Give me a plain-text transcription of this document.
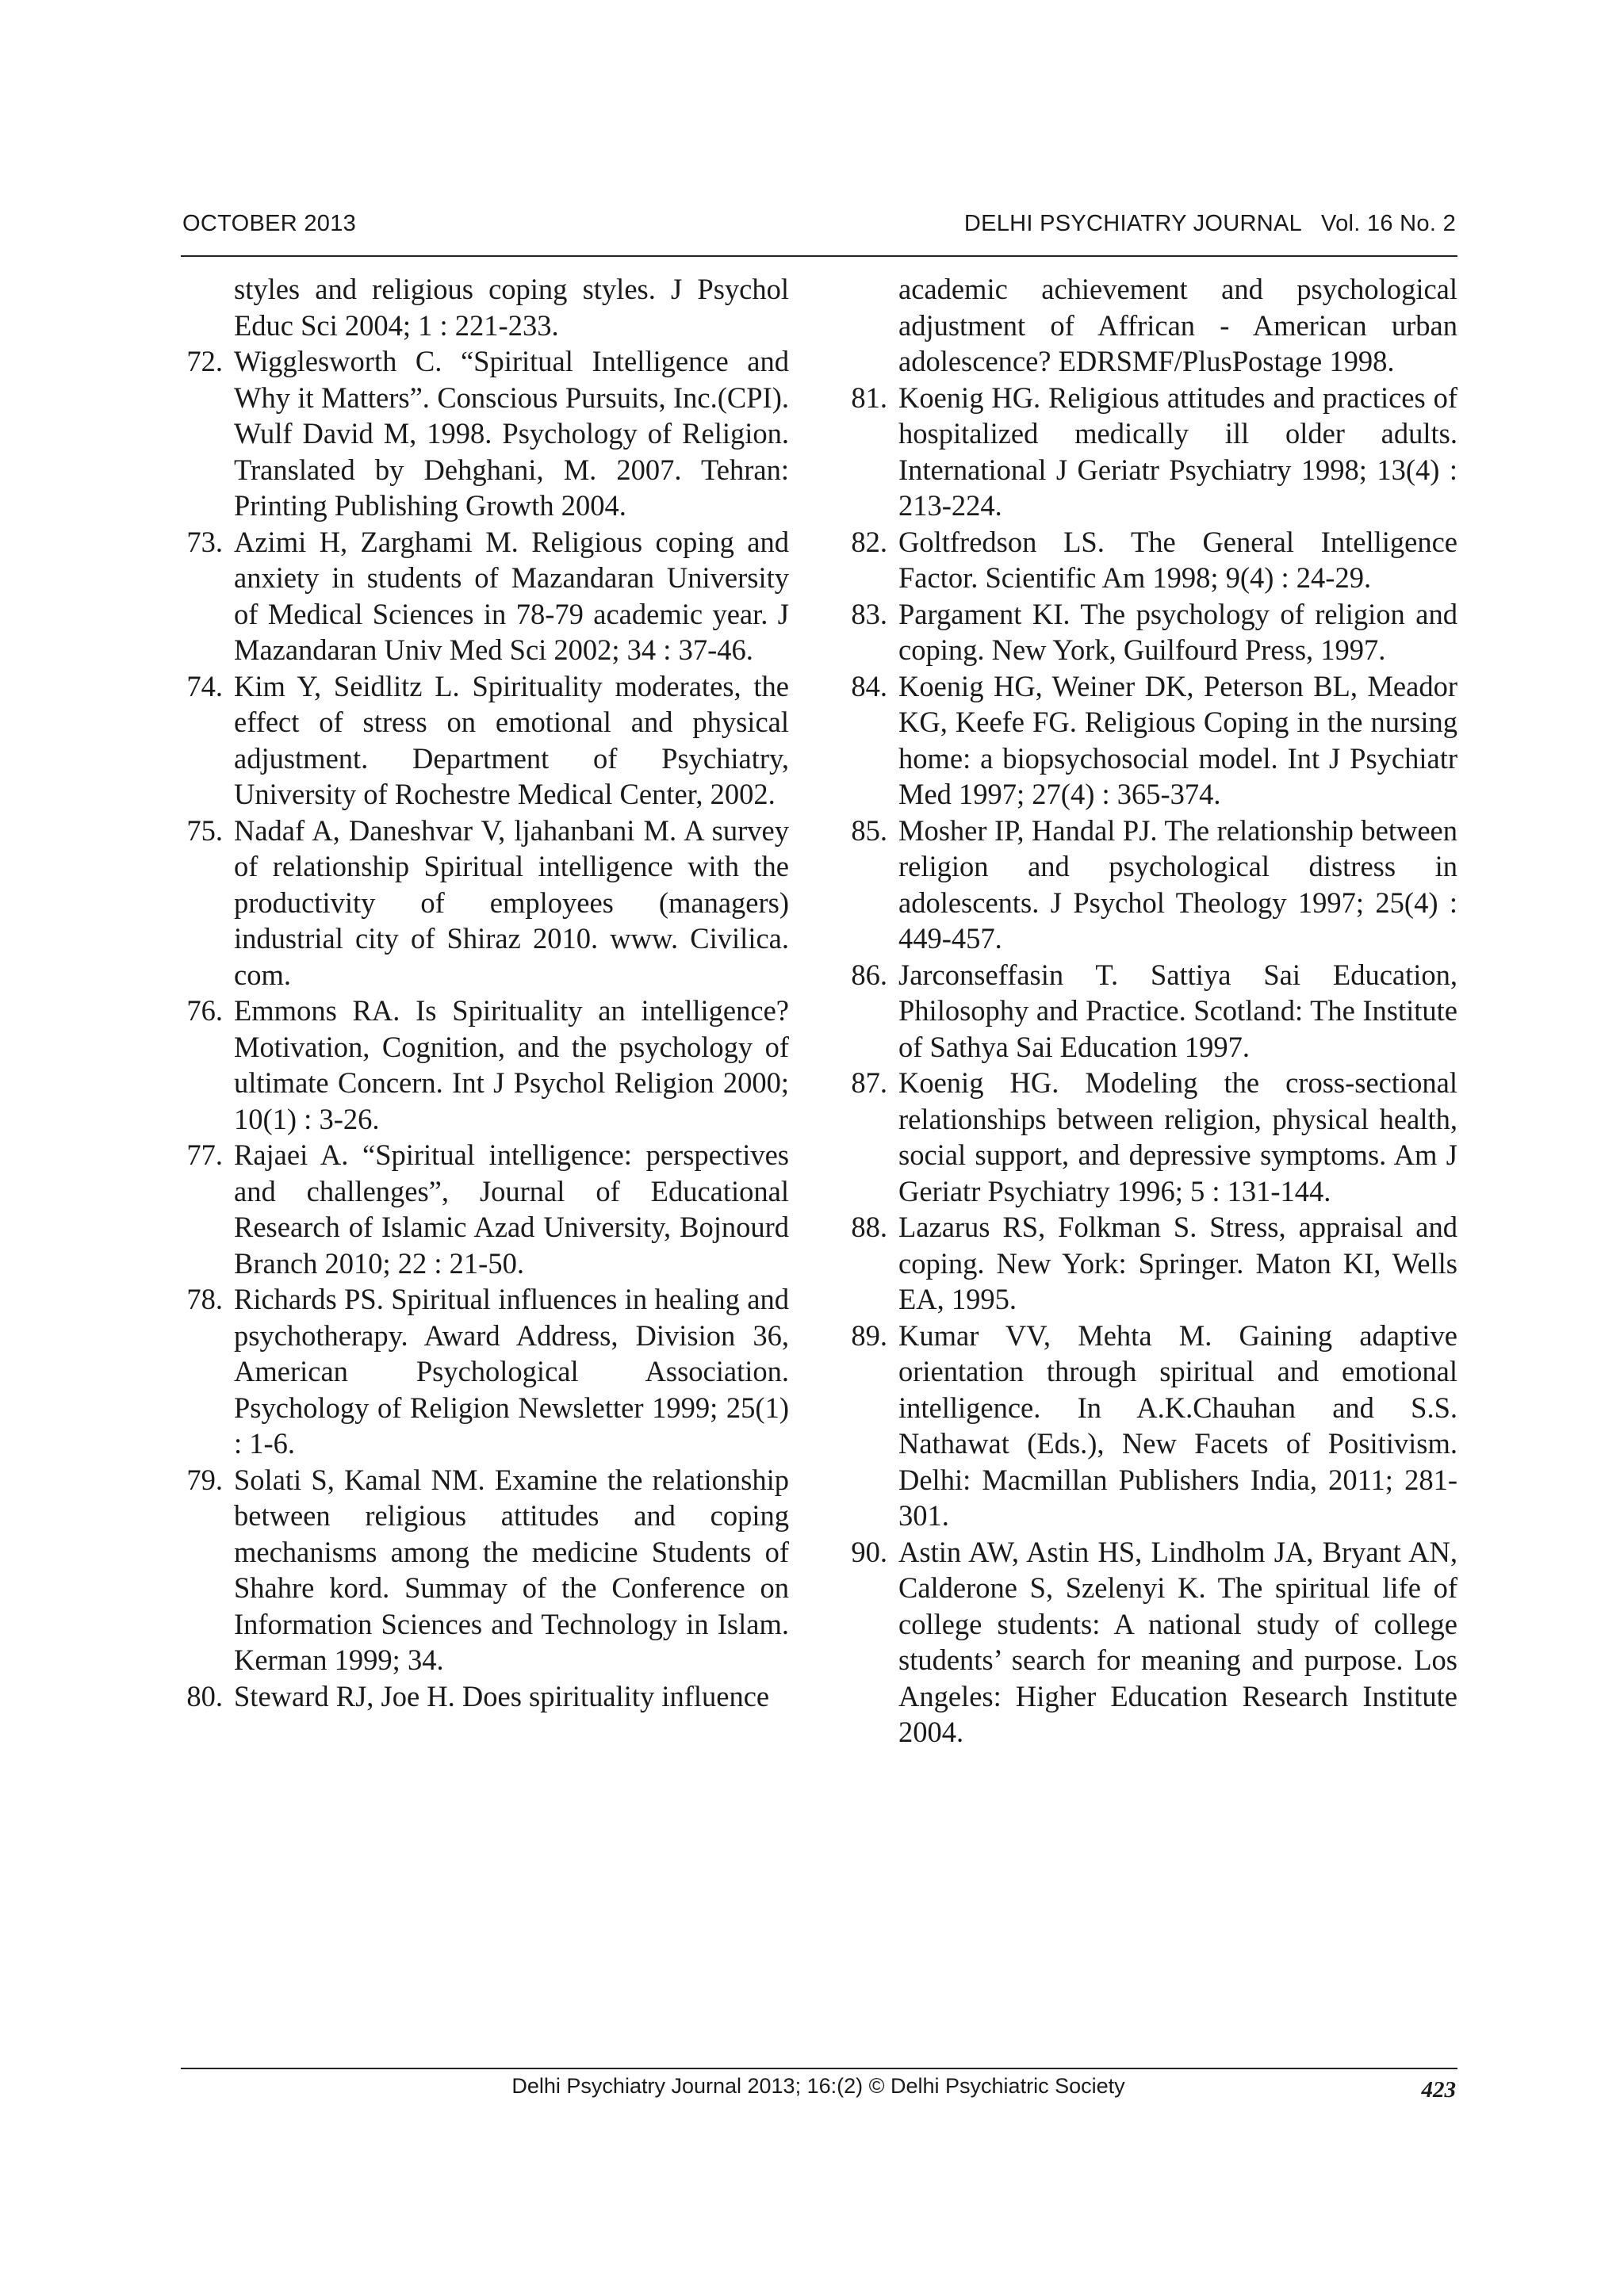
OCTOBER 2013	DELHI PSYCHIATRY JOURNAL   Vol. 16 No. 2
styles and religious coping styles. J Psychol Educ Sci 2004; 1 : 221-233.
72. Wigglesworth C. “Spiritual Intelligence and Why it Matters”. Conscious Pursuits, Inc.(CPI). Wulf David M, 1998. Psychology of Religion. Translated by Dehghani, M. 2007. Tehran: Printing Publishing Growth 2004.
73. Azimi H, Zarghami M. Religious coping and anxiety in students of Mazandaran University of Medical Sciences in 78-79 academic year. J Mazandaran Univ Med Sci 2002; 34 : 37-46.
74. Kim Y, Seidlitz L. Spirituality moderates, the effect of stress on emotional and physical adjustment. Department of Psychiatry, University of Rochestre Medical Center, 2002.
75. Nadaf A, Daneshvar V, ljahanbani M. A survey of relationship Spiritual intelligence with the productivity of employees (managers) industrial city of Shiraz 2010. www. Civilica. com.
76. Emmons RA. Is Spirituality an intelligence? Motivation, Cognition, and the psychology of ultimate Concern. Int J Psychol Religion 2000; 10(1) : 3-26.
77. Rajaei A. “Spiritual intelligence: perspectives and challenges”, Journal of Educational Research of Islamic Azad University, Bojnourd Branch 2010; 22 : 21-50.
78. Richards PS. Spiritual influences in healing and psychotherapy. Award Address, Division 36, American Psychological Association. Psychology of Religion Newsletter 1999; 25(1) : 1-6.
79. Solati S, Kamal NM. Examine the relationship between religious attitudes and coping mechanisms among the medicine Students of Shahre kord. Summay of the Conference on Information Sciences and Technology in Islam. Kerman 1999; 34.
80. Steward RJ, Joe H. Does spirituality influence
academic achievement and psychological adjustment of Affrican - American urban adolescence? EDRSMF/PlusPostage 1998.
81. Koenig HG. Religious attitudes and practices of hospitalized medically ill older adults. International J Geriatr Psychiatry 1998; 13(4) : 213-224.
82. Goltfredson LS. The General Intelligence Factor. Scientific Am 1998; 9(4) : 24-29.
83. Pargament KI. The psychology of religion and coping. New York, Guilfourd Press, 1997.
84. Koenig HG, Weiner DK, Peterson BL, Meador KG, Keefe FG. Religious Coping in the nursing home: a biopsychosocial model. Int J Psychiatr Med 1997; 27(4) : 365-374.
85. Mosher IP, Handal PJ. The relationship between religion and psychological distress in adolescents. J Psychol Theology 1997; 25(4) : 449-457.
86. Jarconseffasin T. Sattiya Sai Education, Philosophy and Practice. Scotland: The Institute of Sathya Sai Education 1997.
87. Koenig HG. Modeling the cross-sectional relationships between religion, physical health, social support, and depressive symptoms. Am J Geriatr Psychiatry 1996; 5 : 131-144.
88. Lazarus RS, Folkman S. Stress, appraisal and coping. New York: Springer. Maton KI, Wells EA, 1995.
89. Kumar VV, Mehta M. Gaining adaptive orientation through spiritual and emotional intelligence. In A.K.Chauhan and S.S. Nathawat (Eds.), New Facets of Positivism. Delhi: Macmillan Publishers India, 2011; 281-301.
90. Astin AW, Astin HS, Lindholm JA, Bryant AN, Calderone S, Szelenyi K. The spiritual life of college students: A national study of college students’ search for meaning and purpose. Los Angeles: Higher Education Research Institute 2004.
Delhi Psychiatry Journal 2013; 16:(2) © Delhi Psychiatric Society	423
